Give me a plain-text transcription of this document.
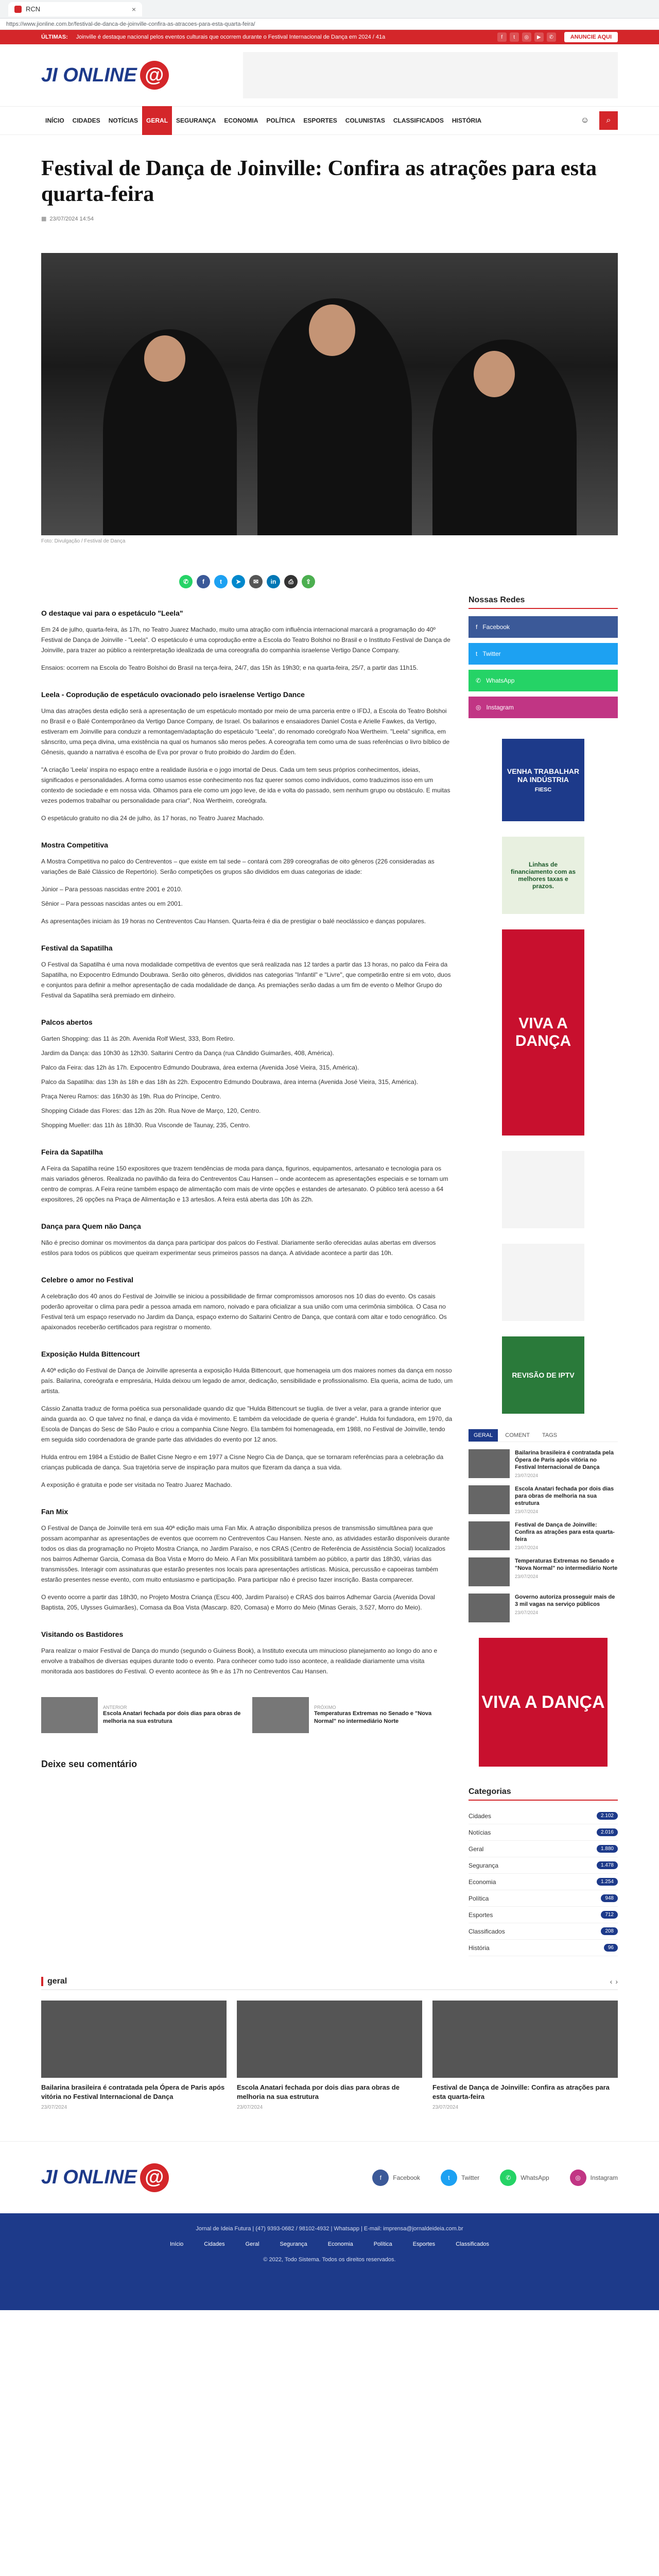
RCN	×
https://www.jionline.com.br/festival-de-danca-de-joinville-confira-as-atracoes-para-esta-quarta-feira/
ÚLTIMAS: Joinville é destaque nacional pelos eventos culturais que ocorrem durante o Festival Internacional de Dança em 2024 / 41a	f	t	◎	▶	✆	ANUNCIE AQUI
JI ONLINE @
INÍCIO	CIDADES	NOTÍCIAS	GERAL	SEGURANÇA	ECONOMIA	POLÍTICA	ESPORTES	COLUNISTAS	CLASSIFICADOS	HISTÓRIA	☺	⌕
Festival de Dança de Joinville: Confira as atrações para esta quarta-feira
▦ 23/07/2024 14:54
Foto: Divulgação / Festival de Dança
✆	f	t	➤	✉	in	⎙	⇪
O destaque vai para o espetáculo "Leela"

Em 24 de julho, quarta-feira, às 17h, no Teatro Juarez Machado, muito uma atração com influência internacional marcará a programação do 40º Festival de Dança de Joinville - "Leela". O espetáculo é uma coprodução entre a Escola do Teatro Bolshoi no Brasil e o Instituto Festival de Dança de Joinville, para trazer ao público a reinterpretação idealizada de uma coreografia do companhia israelense Vertigo Dance Company.

Ensaios: ocorrem na Escola do Teatro Bolshoi do Brasil na terça-feira, 24/7, das 15h às 19h30; e na quarta-feira, 25/7, a partir das 11h15.

Leela - Coprodução de espetáculo ovacionado pelo israelense Vertigo Dance

Uma das atrações desta edição será a apresentação de um espetáculo montado por meio de uma parceria entre o IFDJ, a Escola do Teatro Bolshoi no Brasil e o Balé Contemporâneo da Vertigo Dance Company, de Israel. Os bailarinos e ensaiadores Daniel Costa e Arielle Fawkes, da Vertigo, estiveram em Joinville para conduzir a remontagem/adaptação do espetáculo "Leela", do renomado coreógrafo Noa Wertheim. "Leela" significa, em sânscrito, uma peça divina, uma existência na qual os humanos são meros peões. A coreografia tem como uma de suas referências o livro bíblico de Gênesis, quando a narrativa é escolha de Eva por provar o fruto proibido do Jardim do Éden.

"A criação 'Leela' inspira no espaço entre a realidade ilusória e o jogo imortal de Deus. Cada um tem seus próprios conhecimentos, ideias, significados e personalidades. A forma como usamos esse conhecimento nos faz querer somos como indivíduos, como traduzimos isso em um contexto de sociedade e em nossa vida. Olhamos para ele como um jogo leve, de ida e volta do passado, sem nenhum grupo ou obstáculo. E muitas vezes podemos trabalhar ou personalidade para criar", Noa Wertheim, coreógrafa.

O espetáculo gratuito no dia 24 de julho, às 17 horas, no Teatro Juarez Machado.

Mostra Competitiva

A Mostra Competitiva no palco do Centreventos – que existe em tal sede – contará com 289 coreografias de oito gêneros (226 consideradas as variações de Balé Clássico de Repertório). Serão competições os grupos são divididos em duas categorias de idade:

Júnior – Para pessoas nascidas entre 2001 e 2010.
Sênior – Para pessoas nascidas antes ou em 2001.

As apresentações iniciam às 19 horas no Centreventos Cau Hansen. Quarta-feira é dia de prestigiar o balé neoclássico e danças populares.

Festival da Sapatilha

O Festival da Sapatilha é uma nova modalidade competitiva de eventos que será realizada nas 12 tardes a partir das 13 horas, no palco da Feira da Sapatilha, no Expocentro Edmundo Doubrawa. Serão oito gêneros, divididos nas categorias "Infantil" e "Livre", que competirão entre si em voto, duos e conjuntos para definir a melhor apresentação de cada modalidade de dança. As premiações serão dadas a um fim de evento o Melhor Grupo do Festival da Sapatilha será premiado em dinheiro.

Palcos abertos
Garten Shopping: das 11 às 20h. Avenida Rolf Wiest, 333, Bom Retiro.
Jardim da Dança: das 10h30 às 12h30. Saltarini Centro da Dança (rua Cândido Guimarães, 408, América).
Palco da Feira: das 12h às 17h. Expocentro Edmundo Doubrawa, área externa (Avenida José Vieira, 315, América).
Palco da Sapatilha: das 13h às 18h e das 18h às 22h. Expocentro Edmundo Doubrawa, área interna (Avenida José Vieira, 315, América).
Praça Nereu Ramos: das 16h30 às 19h. Rua do Príncipe, Centro.
Shopping Cidade das Flores: das 12h às 20h. Rua Nove de Março, 120, Centro.
Shopping Mueller: das 11h às 18h30. Rua Visconde de Taunay, 235, Centro.
Feira da Sapatilha

A Feira da Sapatilha reúne 150 expositores que trazem tendências de moda para dança, figurinos, equipamentos, artesanato e tecnologia para os mais variados gêneros. Realizada no pavilhão da feira do Centreventos Cau Hansen – onde acontecem as apresentações especiais e se tornam um centro de compras. A Feira reúne também espaço de alimentação com mais de vinte opções e estandes de artesanato. O público terá acesso a 64 expositores, 26 opções na Praça de Alimentação e 13 artesãos. A feira está aberta das 10h às 22h.

Dança para Quem não Dança

Não é preciso dominar os movimentos da dança para participar dos palcos do Festival. Diariamente serão oferecidas aulas abertas em diversos estilos para todos os públicos que queiram experimentar seus primeiros passos na dança. A atividade acontece a partir das 10h.

Celebre o amor no Festival

A celebração dos 40 anos do Festival de Joinville se iniciou a possibilidade de firmar compromissos amorosos nos 10 dias do evento. Os casais poderão aproveitar o clima para pedir a pessoa amada em namoro, noivado e para oficializar a sua união com uma cerimônia simbólica. O Casa no Festival terá um espaço reservado no Jardim da Dança, espaço externo do Saltarini Centro de Dança, que contará com altar e todo cenográfico. Os apaixonados receberão certificados para registrar o momento.

Exposição Hulda Bittencourt

A 40ª edição do Festival de Dança de Joinville apresenta a exposição Hulda Bittencourt, que homenageia um dos maiores nomes da dança em nosso país. Bailarina, coreógrafa e empresária, Hulda deixou um legado de amor, dedicação, sensibilidade e profissionalismo. Ela queria, acima de tudo, um artista.

Cássio Zanatta traduz de forma poética sua personalidade quando diz que "Hulda Bittencourt se tiuglia. de tiver a velar, para a grande interior que ainda guarda ao. O que talvez no final, e dança da vida é movimento. E também da velocidade de queria é grande". Hulda foi fundadora, em 1970, da Escola de Danças do Sesc de São Paulo e criou a companhia Cisne Negro. Ela também foi homenageada, em 1988, no Festival de Joinville, tendo em seguida sido coordenadora de grande parte das atividades do evento por 12 anos.

Hulda entrou em 1984 a Estúdio de Ballet Cisne Negro e em 1977 a Cisne Negro Cia de Dança, que se tornaram referências para a celebração da crianças publicada de dança. Sua trajetória serve de inspiração para muitos que fizeram da dança a sua vida.

A exposição é gratuita e pode ser visitada no Teatro Juarez Machado.

Fan Mix

O Festival de Dança de Joinville terá em sua 40ª edição mais uma Fan Mix. A atração disponibiliza presos de transmissão simultânea para que possam acompanhar as apresentações de eventos que ocorrem no Centreventos Cau Hansen. Neste ano, as atividades estarão disponíveis durante todos os dias da programação no Projeto Mostra Criança, no Jardim Paraíso, e nos CRAS (Centro de Referência de Assistência Social) localizados nos bairros Adhemar Garcia, Comasa da Boa Vista e Morro do Meio. A Fan Mix possibilitará também ao público, a partir das 18h30, várias das transmissões. Interagir com assinaturas que estarão presentes nos locais para apresentações artísticas. Música, percussão e capoeiras também estarão presentes nesse evento, com muito entusiasmo e participação. Para participar não é preciso fazer inscrição. Basta comparecer.

O evento ocorre a partir das 18h30, no Projeto Mostra Criança (Escu 400, Jardim Paraíso) e CRAS dos bairros Adhemar Garcia (Avenida Doval Baptista, 205, Ulysses Guimarães), Comasa da Boa Vista (Mascarp. 820, Comasa) e Morro do Meio (Minas Gerais, 3.527, Morro do Meio).

Visitando os Bastidores

Para realizar o maior Festival de Dança do mundo (segundo o Guiness Book), a Instituto executa um minucioso planejamento ao longo do ano e envolve a trabalhos de diversas equipes durante todo o evento. Para conhecer como tudo isso acontece, a realidade diariamente uma visita monitorada aos bastidores do Festival. O evento acontece às 9h e às 17h no Centreventos Cau Hansen.

ANTERIOR
Escola Anatari fechada por dois dias para obras de melhoria na sua estrutura
PRÓXIMO
Temperaturas Extremas no Senado e "Nova Normal" no intermediário Norte
Deixe seu comentário
Nossas Redes
f Facebook
t Twitter
✆ WhatsApp
◎ Instagram
VENHA TRABALHAR NA INDÚSTRIA
FIESC
Linhas de financiamento com as melhores taxas e prazos.
VIVA A DANÇA
REVISÃO DE IPTV
GERAL	COMENT	TAGS
Bailarina brasileira é contratada pela Ópera de Paris após vitória no Festival Internacional de Dança
23/07/2024
Escola Anatari fechada por dois dias para obras de melhoria na sua estrutura
23/07/2024
Festival de Dança de Joinville: Confira as atrações para esta quarta-feira
23/07/2024
Temperaturas Extremas no Senado e "Nova Normal" no intermediário Norte
23/07/2024
Governo autoriza prosseguir mais de 3 mil vagas na serviço públicos
23/07/2024
VIVA A DANÇA
Categorias
Cidades	2.102
Notícias	2.016
Geral	1.880
Segurança	1.478
Economia	1.254
Política	948
Esportes	712
Classificados	208
História	96
geral	‹ ›
Bailarina brasileira é contratada pela Ópera de Paris após vitória no Festival Internacional de Dança
23/07/2024
Escola Anatari fechada por dois dias para obras de melhoria na sua estrutura
23/07/2024
Festival de Dança de Joinville: Confira as atrações para esta quarta-feira
23/07/2024
JI ONLINE @	f	Facebook	t	Twitter	✆	WhatsApp	◎	Instagram
Jornal de Ideia Futura | (47) 9393-0682 / 98102-4932 | Whatsapp | E-mail: imprensa@jornaldeideia.com.br
Início	Cidades	Geral	Segurança	Economia	Política	Esportes	Classificados
© 2022, Todo Sistema. Todos os direitos reservados.
